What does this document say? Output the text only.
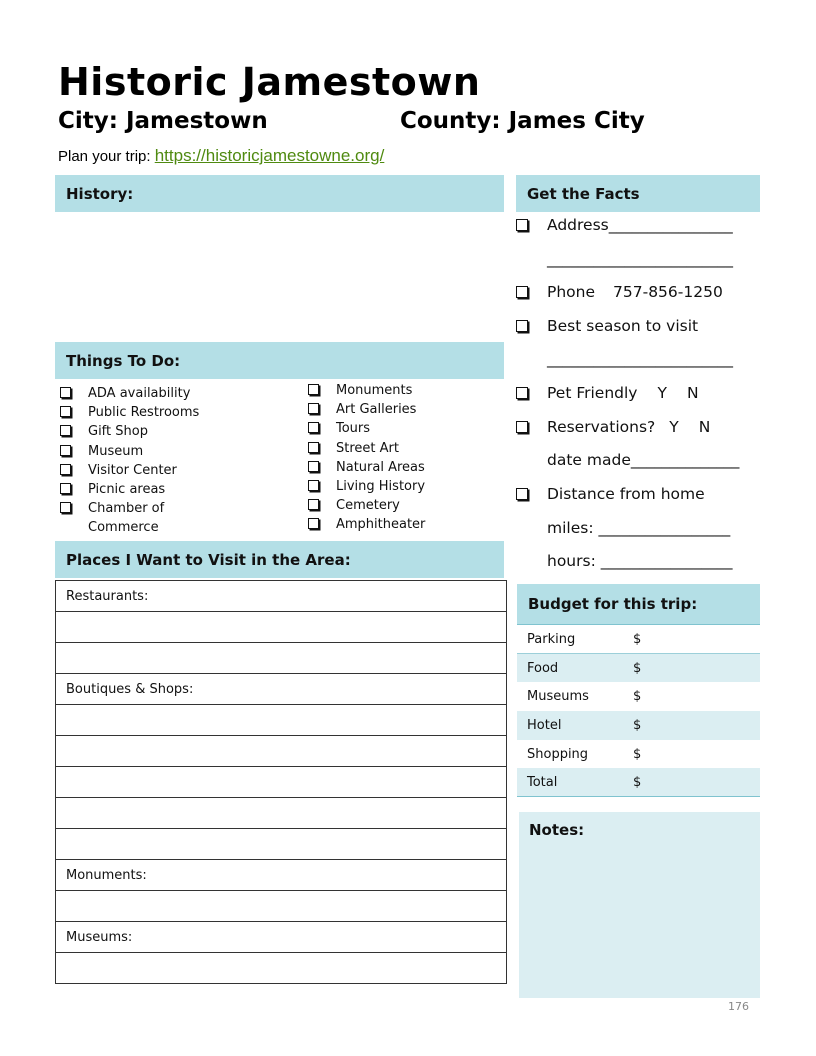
Historic Jamestown
City: Jamestown	County: James City
Plan your trip: https://historicjamestowne.org/
History:
Things To Do:
ADA availability
Public Restrooms
Gift Shop
Museum
Visitor Center
Picnic areas
Chamber of
Commerce
Monuments
Art Galleries
Tours
Street Art
Natural Areas
Living History
Cemetery
Amphitheater
Places I Want to Visit in the Area:
Restaurants:
Boutiques & Shops:
Monuments:
Museums:
Get the Facts
Address________________
________________________
Phone 757-856-1250
Best season to visit
________________________
Pet Friendly Y N
Reservations? Y N
date made______________
Distance from home
miles: _________________
hours: _________________
Budget for this trip:
Parking	$
Food	$
Museums	$
Hotel	$
Shopping	$
Total	$
Notes:
176
